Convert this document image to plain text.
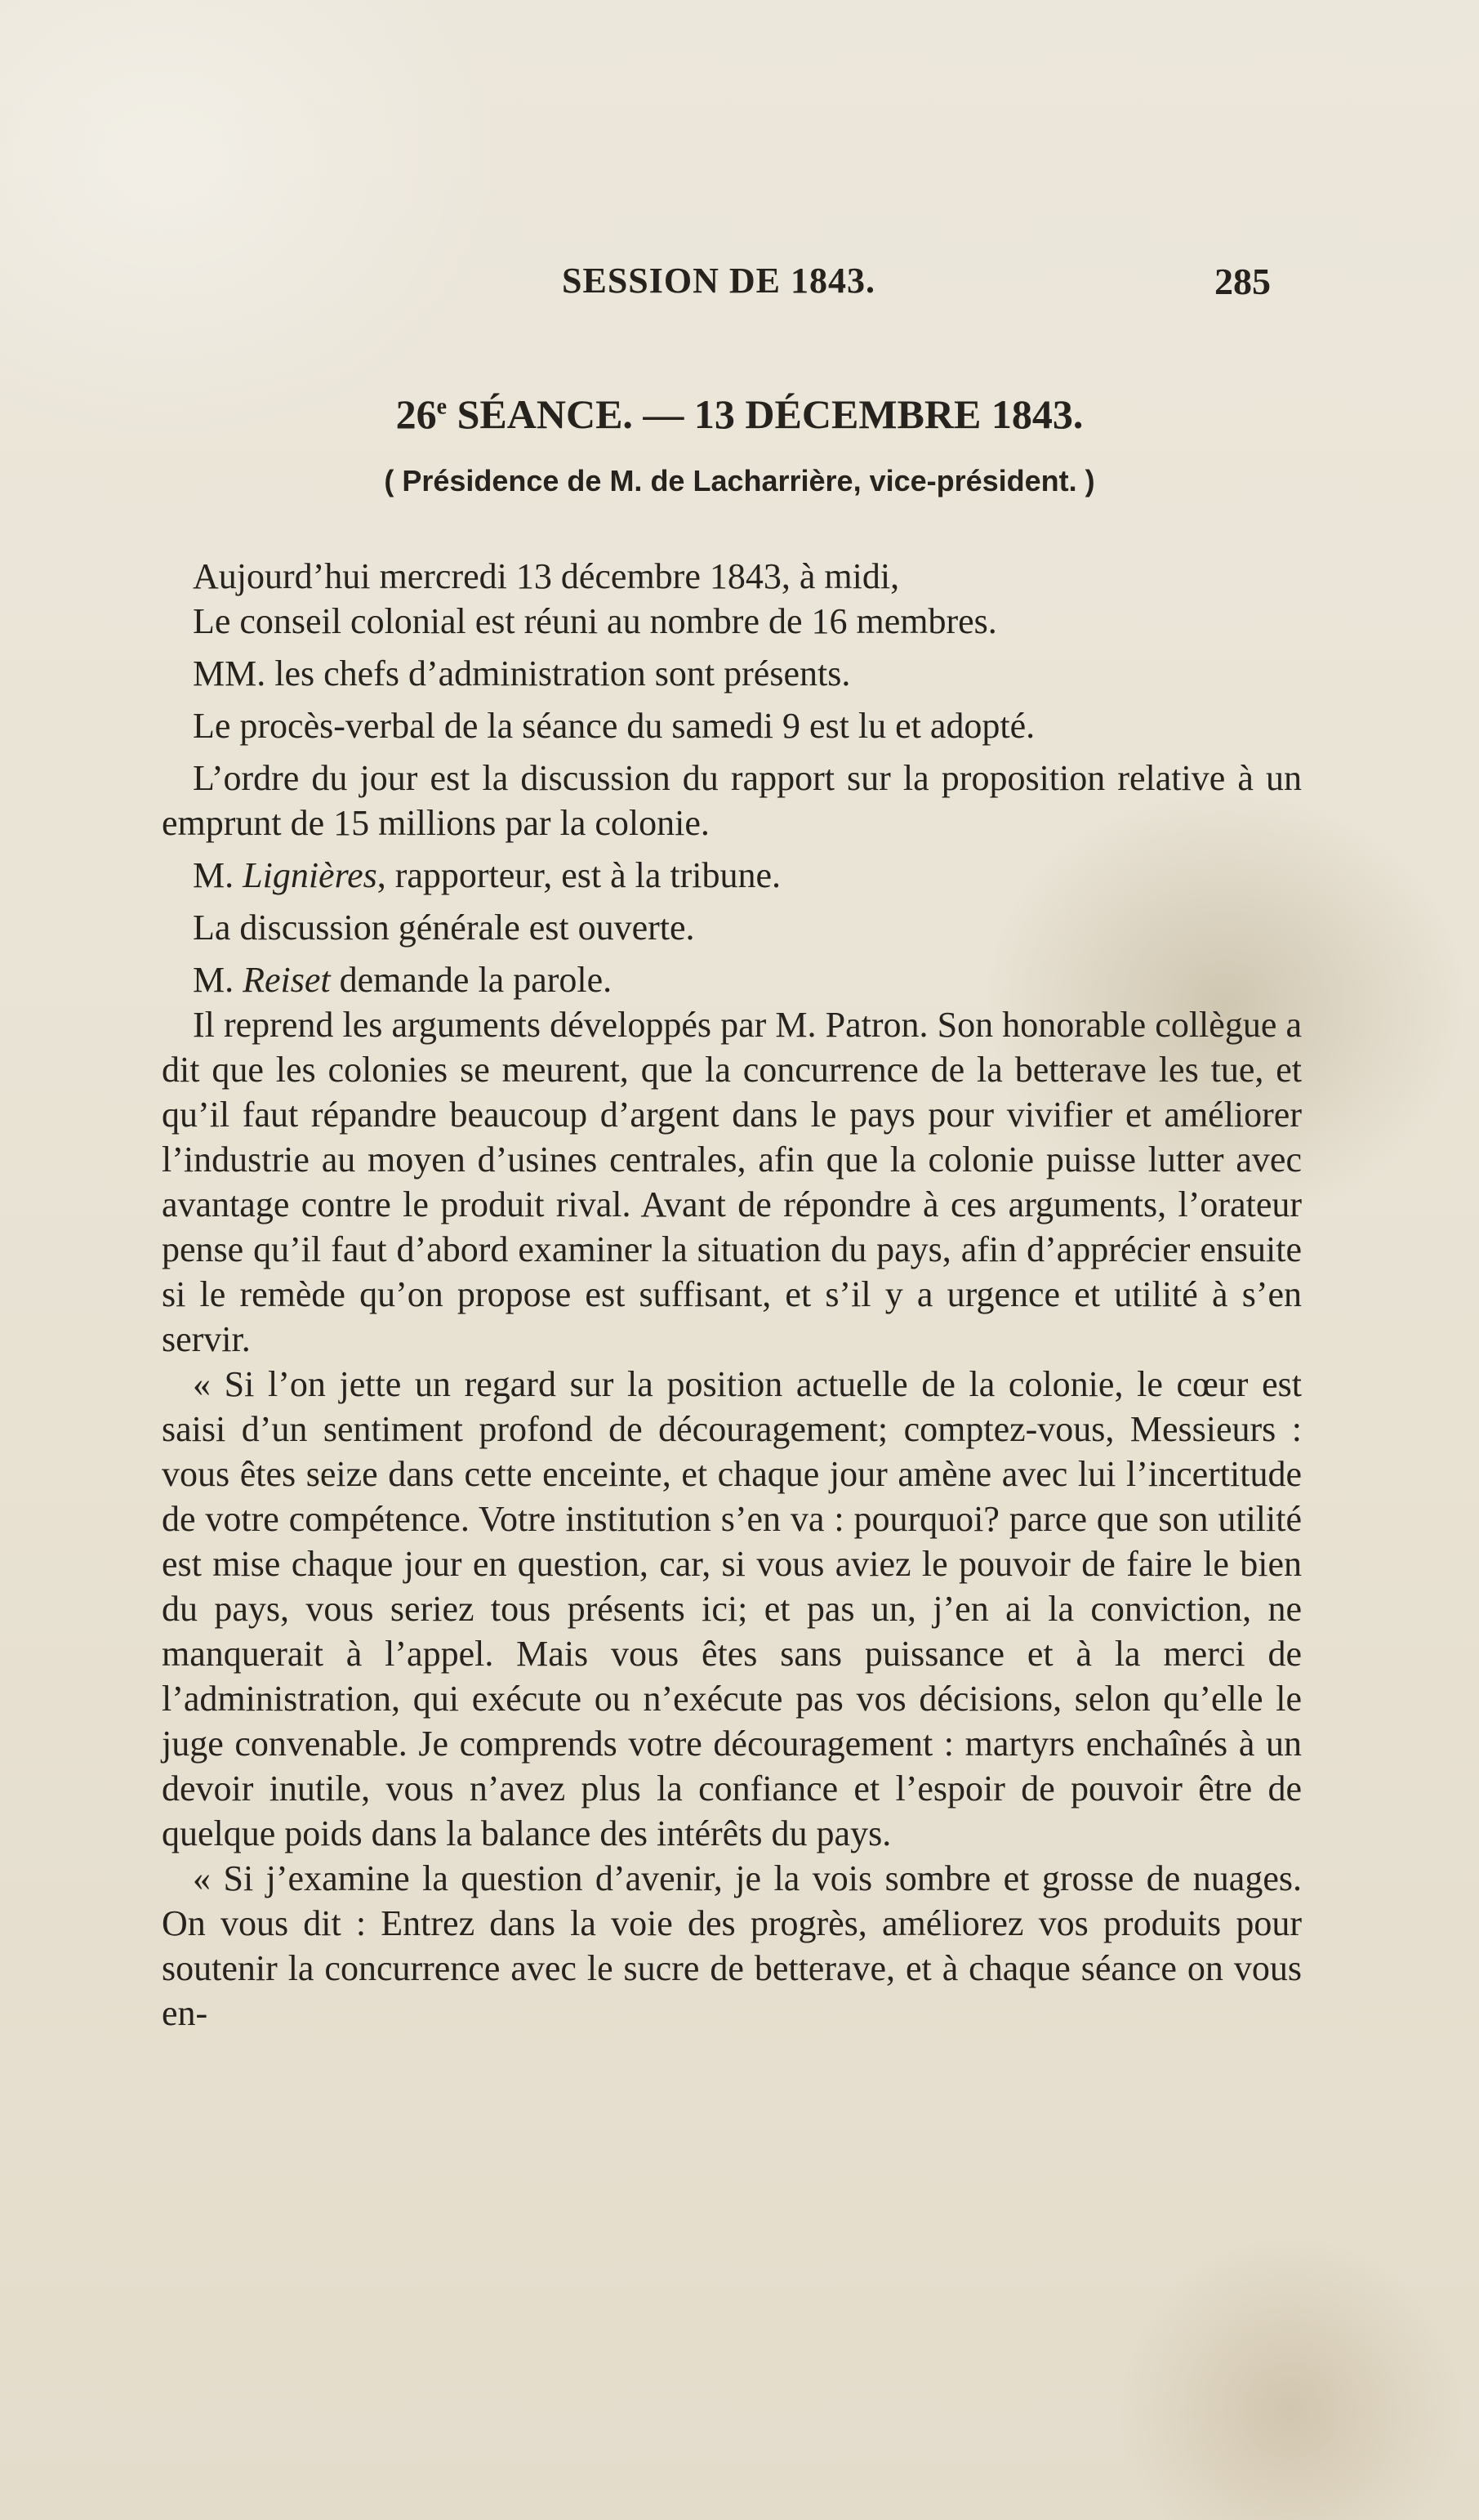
SESSION DE 1843.	285
26e SÉANCE. — 13 DÉCEMBRE 1843.
( Présidence de M. de Lacharrière, vice-président. )

Aujourd’hui mercredi 13 décembre 1843, à midi,

Le conseil colonial est réuni au nombre de 16 membres.

MM. les chefs d’administration sont présents.

Le procès-verbal de la séance du samedi 9 est lu et adopté.

L’ordre du jour est la discussion du rapport sur la proposition relative à un emprunt de 15 millions par la colonie.

M. Lignières, rapporteur, est à la tribune.

La discussion générale est ouverte.

M. Reiset demande la parole.

Il reprend les arguments développés par M. Patron. Son honorable collègue a dit que les colonies se meurent, que la concurrence de la betterave les tue, et qu’il faut répandre beaucoup d’argent dans le pays pour vivifier et améliorer l’industrie au moyen d’usines centrales, afin que la colonie puisse lutter avec avantage contre le produit rival. Avant de répondre à ces arguments, l’orateur pense qu’il faut d’abord examiner la situation du pays, afin d’apprécier ensuite si le remède qu’on propose est suffisant, et s’il y a urgence et utilité à s’en servir.

« Si l’on jette un regard sur la position actuelle de la colonie, le cœur est saisi d’un sentiment profond de découragement; comptez-vous, Messieurs : vous êtes seize dans cette enceinte, et chaque jour amène avec lui l’incertitude de votre compétence. Votre institution s’en va : pourquoi? parce que son utilité est mise chaque jour en question, car, si vous aviez le pouvoir de faire le bien du pays, vous seriez tous présents ici; et pas un, j’en ai la conviction, ne manquerait à l’appel. Mais vous êtes sans puissance et à la merci de l’administration, qui exécute ou n’exécute pas vos décisions, selon qu’elle le juge convenable. Je comprends votre découragement : martyrs enchaînés à un devoir inutile, vous n’avez plus la confiance et l’espoir de pouvoir être de quelque poids dans la balance des intérêts du pays.

« Si j’examine la question d’avenir, je la vois sombre et grosse de nuages. On vous dit : Entrez dans la voie des progrès, améliorez vos produits pour soutenir la concurrence avec le sucre de betterave, et à chaque séance on vous en-
